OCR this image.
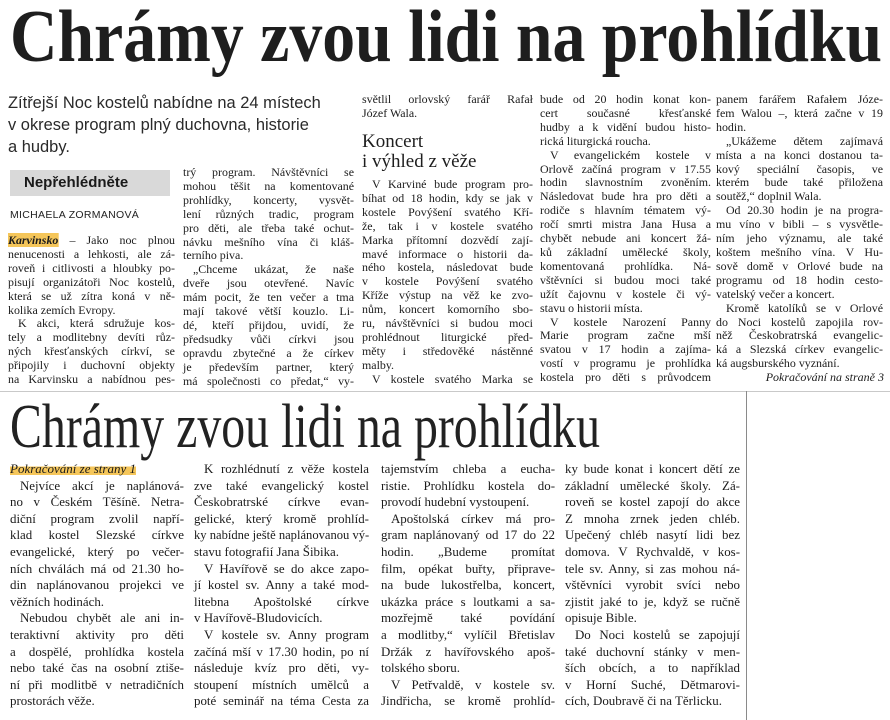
Chrámy zvou lidi na prohlídku
Zítřejší Noc kostelů nabídne na 24 místech
v okrese program plný duchovna, historie
a hudby.
Nepřehlédněte
MICHAELA ZORMANOVÁ
Karvinsko – Jako noc plnou
nenucenosti a lehkosti, ale zá-
roveň i citlivosti a hloubky po-
pisují organizátoři Noc kostelů,
která se už zítra koná v ně-
kolika zemích Evropy.
K akci, která sdružuje kos-
tely a modlitebny devíti růz-
ných křesťanských církví, se
připojily i duchovní objekty
na Karvinsku a nabídnou pes-
trý program. Návštěvníci se
mohou těšit na komentované
prohlídky, koncerty, vysvět-
lení různých tradic, program
pro děti, ale třeba také ochut-
návku mešního vína či kláš-
terního piva.
„Chceme ukázat, že naše
dveře jsou otevřené. Navíc
mám pocit, že ten večer a tma
mají takové větší kouzlo. Li-
dé, kteří přijdou, uvidí, že
předsudky vůči církvi jsou
opravdu zbytečné a že církev
je především partner, který
má společnosti co předat,“ vy-
světlil orlovský farář Rafał
Józef Wala.
Koncert
i výhled z věže
V Karviné bude program pro-
bíhat od 18 hodin, kdy se jak v
kostele Povýšení svatého Kří-
že, tak i v kostele svatého
Marka přítomní dozvědí zají-
mavé informace o historii da-
ného kostela, následovat bude
v kostele Povýšení svatého
Kříže výstup na věž ke zvo-
nům, koncert komorního sbo-
ru, návštěvníci si budou moci
prohlédnout liturgické před-
měty i středověké nástěnné
malby.
V kostele svatého Marka se
bude od 20 hodin konat kon-
cert současné křesťanské
hudby a k vidění budou histo-
rická liturgická roucha.
V evangelickém kostele v
Orlově začíná program v 17.55
hodin slavnostním zvoněním.
Následovat bude hra pro děti a
rodiče s hlavním tématem vý-
ročí smrti mistra Jana Husa a
chybět nebude ani koncert žá-
ků základní umělecké školy,
komentovaná prohlídka. Ná-
vštěvníci si budou moci také
užít čajovnu v kostele či vý-
stavu o historii místa.
V kostele Narození Panny
Marie program začne mší
svatou v 17 hodin a zajíma-
vostí v programu je prohlídka
kostela pro děti s průvodcem
panem farářem Rafałem Józe-
fem Walou –, která začne v 19
hodin.
„Ukážeme dětem zajímavá
místa a na konci dostanou ta-
kový speciální časopis, ve
kterém bude také přiložena
soutěž,“ doplnil Wala.
Od 20.30 hodin je na progra-
mu víno v bibli – s vysvětle-
ním jeho významu, ale také
koštem mešního vína. V Hu-
sově domě v Orlové bude na
programu od 18 hodin cesto-
vatelský večer a koncert.
Kromě katolíků se v Orlové
do Noci kostelů zapojila rov-
něž Českobratrská evangelic-
ká a Slezská církev evangelic-
ká augsburského vyznání.
Pokračování na straně 3
Chrámy zvou lidi na prohlídku
Pokračování ze strany 1
Nejvíce akcí je naplánová-
no v Českém Těšíně. Netra-
diční program zvolil napří-
klad kostel Slezské církve
evangelické, který po večer-
ních chválách má od 21.30 ho-
din naplánovanou projekci ve
věžních hodinách.
Nebudou chybět ale ani in-
teraktivní aktivity pro děti
a dospělé, prohlídka kostela
nebo také čas na osobní ztiše-
ní při modlitbě v netradičních
prostorách věže.
K rozhlédnutí z věže kostela
zve také evangelický kostel
Českobratrské církve evan-
gelické, který kromě prohlíd-
ky nabídne ještě naplánovanou vý-
stavu fotografií Jana Šibika.
V Havířově se do akce zapo-
jí kostel sv. Anny a také mod-
litebna Apoštolské církve
v Havířově-Bludovicích.
V kostele sv. Anny program
začíná mší v 17.30 hodin, po ní
následuje kvíz pro děti, vy-
stoupení místních umělců a
poté seminář na téma Cesta za
tajemstvím chleba a eucha-
ristie. Prohlídku kostela do-
provodí hudební vystoupení.
Apoštolská církev má pro-
gram naplánovaný od 17 do 22
hodin. „Budeme promítat
film, opékat buřty, připrave-
na bude lukostřelba, koncert,
ukázka práce s loutkami a sa-
mozřejmě také povídání
a modlitby,“ vylíčil Břetislav
Držák z havířovského apoš-
tolského sboru.
V Petřvaldě, v kostele sv.
Jindřicha, se kromě prohlíd-
ky bude konat i koncert dětí ze
základní umělecké školy. Zá-
roveň se kostel zapojí do akce
Z mnoha zrnek jeden chléb.
Upečený chléb nasytí lidi bez
domova. V Rychvaldě, v kos-
tele sv. Anny, si zas mohou ná-
vštěvníci vyrobit svíci nebo
zjistit jaké to je, když se ručně
opisuje Bible.
Do Noci kostelů se zapojují
také duchovní stánky v men-
ších obcích, a to například
v Horní Suché, Dětmarovi-
cích, Doubravě či na Těrlicku.
